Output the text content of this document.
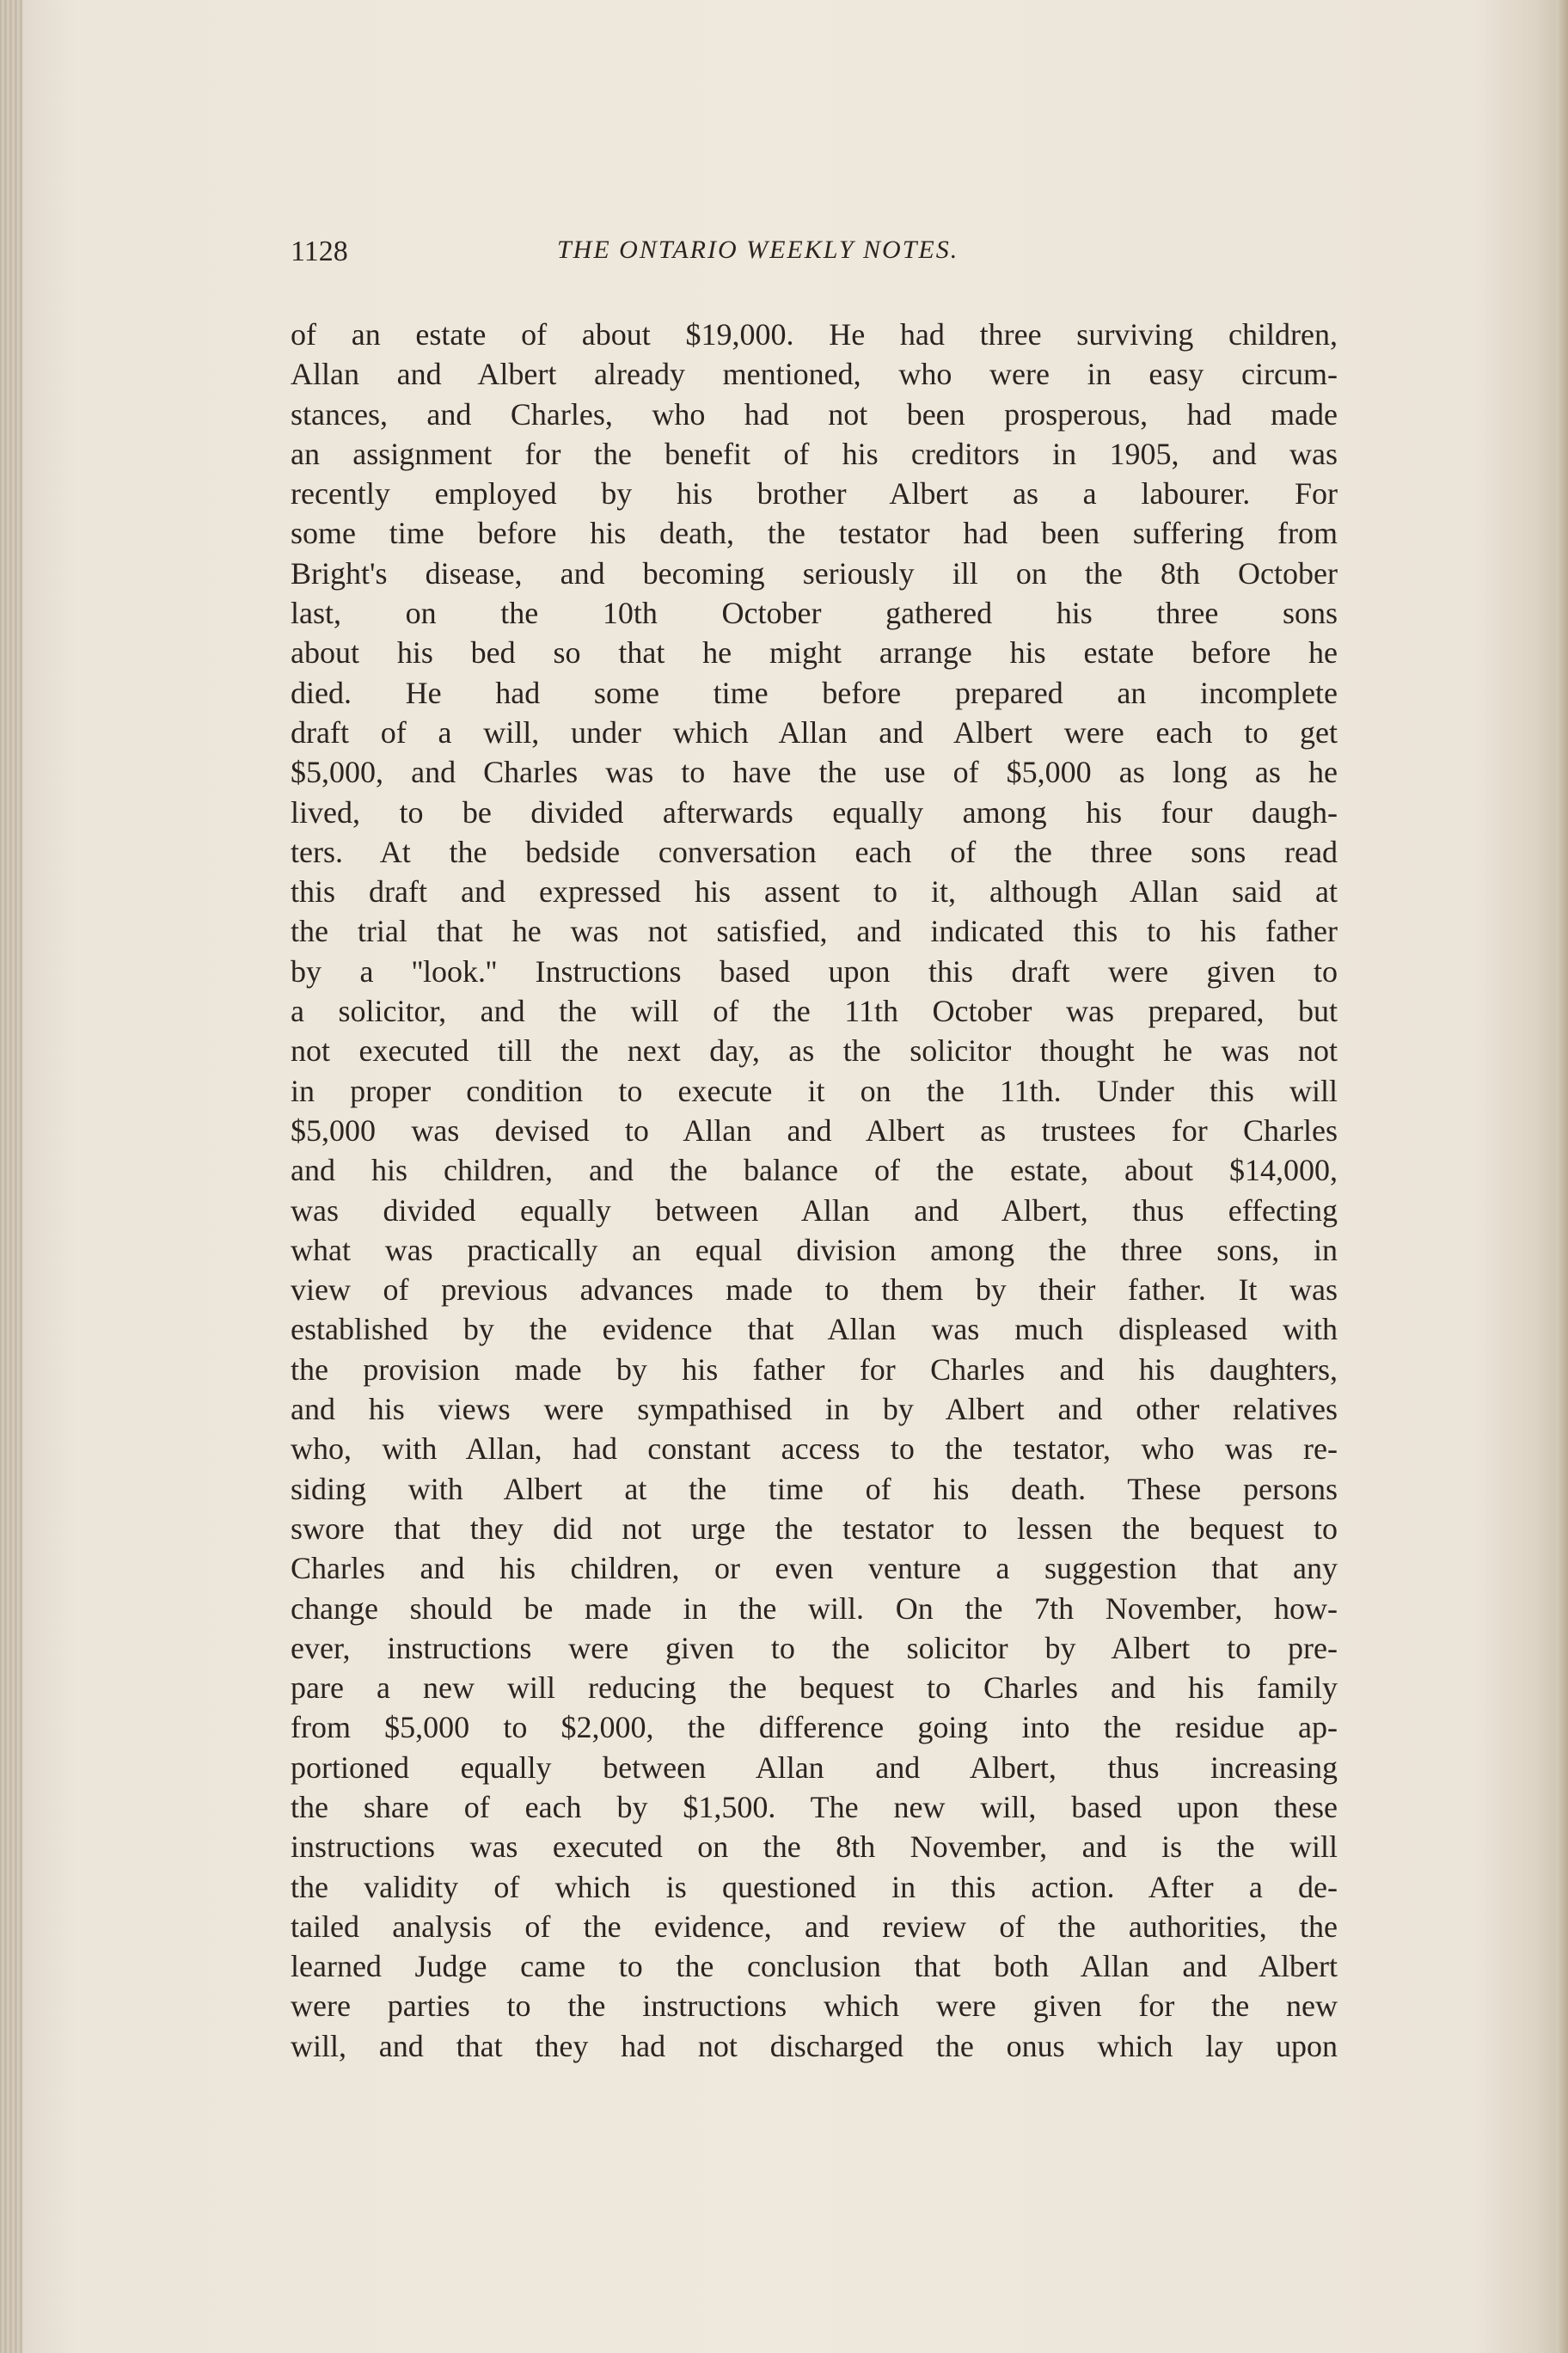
1128	THE ONTARIO WEEKLY NOTES.
of an estate of about $19,000. He had three surviving children,
Allan and Albert already mentioned, who were in easy circum-
stances, and Charles, who had not been prosperous, had made
an assignment for the benefit of his creditors in 1905, and was
recently employed by his brother Albert as a labourer. For
some time before his death, the testator had been suffering from
Bright's disease, and becoming seriously ill on the 8th October
last, on the 10th October gathered his three sons
about his bed so that he might arrange his estate before he
died. He had some time before prepared an incomplete
draft of a will, under which Allan and Albert were each to get
$5,000, and Charles was to have the use of $5,000 as long as he
lived, to be divided afterwards equally among his four daugh-
ters. At the bedside conversation each of the three sons read
this draft and expressed his assent to it, although Allan said at
the trial that he was not satisfied, and indicated this to his father
by a ''look.'' Instructions based upon this draft were given to
a solicitor, and the will of the 11th October was prepared, but
not executed till the next day, as the solicitor thought he was not
in proper condition to execute it on the 11th. Under this will
$5,000 was devised to Allan and Albert as trustees for Charles
and his children, and the balance of the estate, about $14,000,
was divided equally between Allan and Albert, thus effecting
what was practically an equal division among the three sons, in
view of previous advances made to them by their father. It was
established by the evidence that Allan was much displeased with
the provision made by his father for Charles and his daughters,
and his views were sympathised in by Albert and other relatives
who, with Allan, had constant access to the testator, who was re-
siding with Albert at the time of his death. These persons
swore that they did not urge the testator to lessen the bequest to
Charles and his children, or even venture a suggestion that any
change should be made in the will. On the 7th November, how-
ever, instructions were given to the solicitor by Albert to pre-
pare a new will reducing the bequest to Charles and his family
from $5,000 to $2,000, the difference going into the residue ap-
portioned equally between Allan and Albert, thus increasing
the share of each by $1,500. The new will, based upon these
instructions was executed on the 8th November, and is the will
the validity of which is questioned in this action. After a de-
tailed analysis of the evidence, and review of the authorities, the
learned Judge came to the conclusion that both Allan and Albert
were parties to the instructions which were given for the new
will, and that they had not discharged the onus which lay upon
